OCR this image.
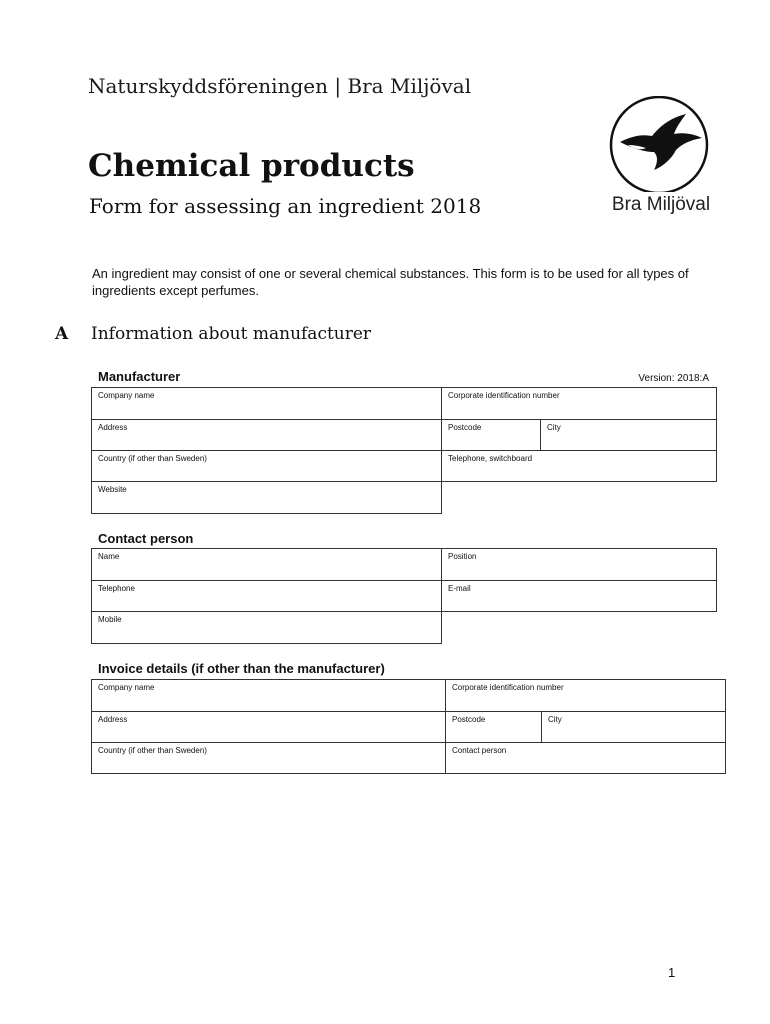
Naturskyddsföreningen | Bra Miljöval
Chemical products
Form for assessing an ingredient 2018	Bra Miljöval
An ingredient may consist of one or several chemical substances. This form is to be used for all types of ingredients except perfumes.
A Information about manufacturer
Manufacturer	Version: 2018:A
Company name	Corporate identification number
Address	Postcode	City
Country (if other than Sweden)	Telephone, switchboard
Website
Contact person
Name	Position
Telephone	E-mail
Mobile
Invoice details (if other than the manufacturer)
Company name	Corporate identification number
Address	Postcode	City
Country (if other than Sweden)	Contact person
1
